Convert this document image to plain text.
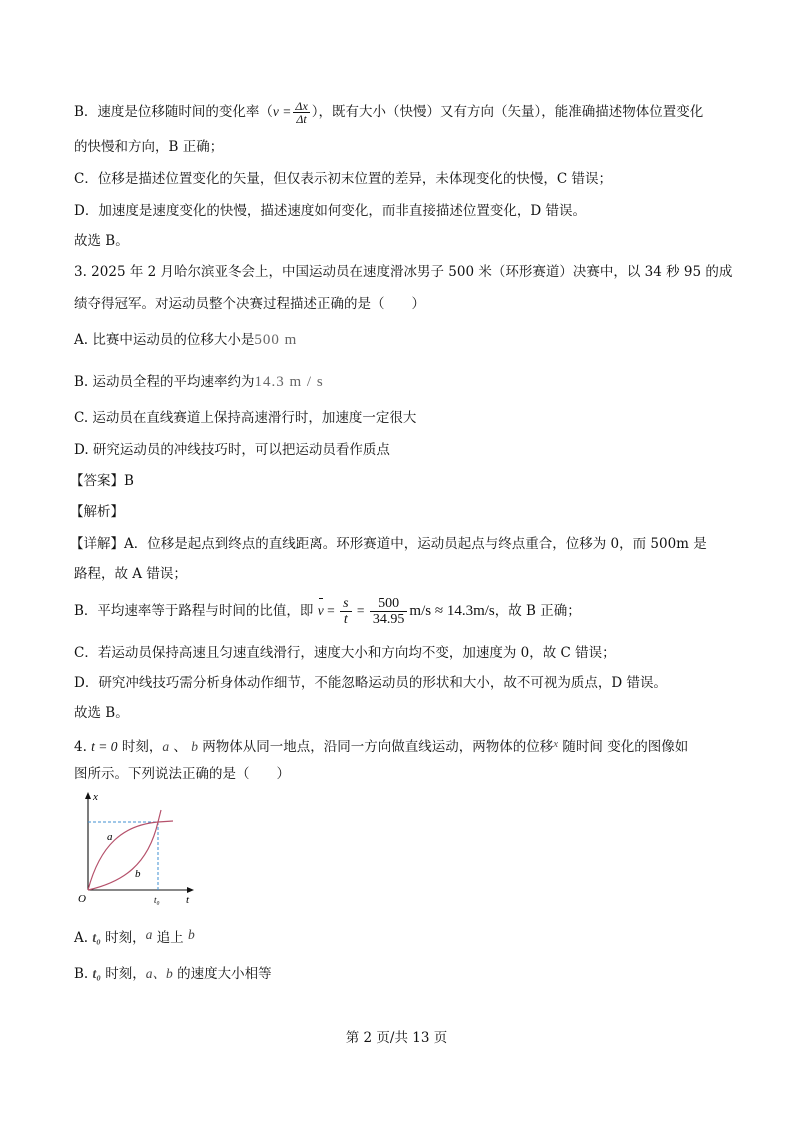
B．速度是位移随时间的变化率（$v = \frac{\Delta x}{\Delta t}$ ），既有大小（快慢）又有方向（矢量），能准确描述物体位置变化
的快慢和方向，B 正确；
C．位移是描述位置变化的矢量，但仅表示初末位置的差异，未体现变化的快慢，C 错误；
D．加速度是速度变化的快慢，描述速度如何变化，而非直接描述位置变化，D 错误。
故选 B。
3. 2025 年 2 月哈尔滨亚冬会上，中国运动员在速度滑冰男子 500 米（环形赛道）决赛中，以 34 秒 95 的成
绩夺得冠军。对运动员整个决赛过程描述正确的是（　　）
A. 比赛中运动员的位移大小是500 m
B. 运动员全程的平均速率约为14.3 m / s
C. 运动员在直线赛道上保持高速滑行时，加速度一定很大
D. 研究运动员的冲线技巧时，可以把运动员看作质点
【答案】B
【解析】
【详解】A．位移是起点到终点的直线距离。环形赛道中，运动员起点与终点重合，位移为 0，而 500m 是
路程，故 A 错误；
B．平均速率等于路程与时间的比值，即 $v = \frac{s}{t} = \frac{500}{34.95} m/s \approx 14.3m/s$，故 B 正确；
C．若运动员保持高速且匀速直线滑行，速度大小和方向均不变，加速度为 0，故 C 错误；
D．研究冲线技巧需分析身体动作细节，不能忽略运动员的形状和大小，故不可视为质点，D 错误。
故选 B。
4. t = 0 时刻，a 、 b 两物体从同一地点，沿同一方向做直线运动，两物体的位移$^x$ 随时间 变化的图像如
图所示。下列说法正确的是（　　）
x
t
O
a
b
t₀
A. t₀ 时刻，a 追上 b
B. t₀ 时刻，a、b 的速度大小相等
第 2 页/共 13 页
